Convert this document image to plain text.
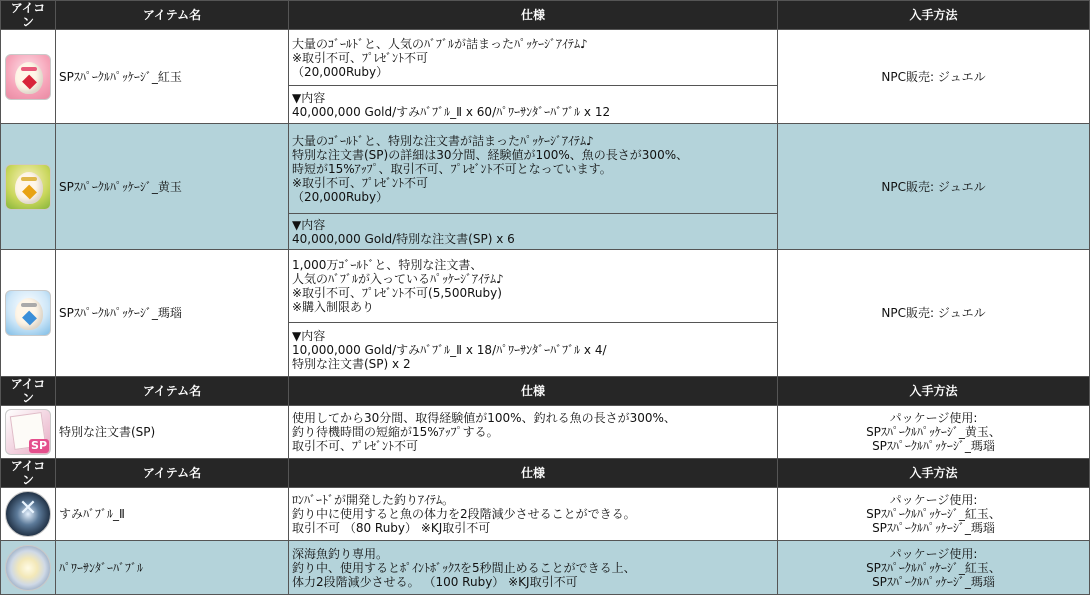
アイコン	アイテム名	仕様	入手方法

	SPｽﾊﾟｰｸﾙﾊﾟｯｹｰｼﾞ_紅玉	大量のｺﾞｰﾙﾄﾞと、人気のﾊﾞﾌﾞﾙが詰まったﾊﾟｯｹｰｼﾞｱｲﾃﾑ♪
※取引不可、ﾌﾟﾚｾﾞﾝﾄ不可
（20,000Ruby）	NPC販売: ジュエル
		▼内容
40,000,000 Gold/すみﾊﾞﾌﾞﾙ_Ⅱ x 60/ﾊﾟﾜｰｻﾝﾀﾞｰﾊﾞﾌﾞﾙ x 12	

	SPｽﾊﾟｰｸﾙﾊﾟｯｹｰｼﾞ_黄玉	大量のｺﾞｰﾙﾄﾞと、特別な注文書が詰まったﾊﾟｯｹｰｼﾞｱｲﾃﾑ♪
特別な注文書(SP)の詳細は30分間、経験値が100%、魚の長さが300%、
時短が15%ｱｯﾌﾟ、取引不可、ﾌﾟﾚｾﾞﾝﾄ不可となっています。
※取引不可、ﾌﾟﾚｾﾞﾝﾄ不可
（20,000Ruby）	NPC販売: ジュエル
		▼内容
40,000,000 Gold/特別な注文書(SP) x 6	

	SPｽﾊﾟｰｸﾙﾊﾟｯｹｰｼﾞ_瑪瑙	1,000万ｺﾞｰﾙﾄﾞと、特別な注文書、
人気のﾊﾞﾌﾞﾙが入っているﾊﾟｯｹｰｼﾞｱｲﾃﾑ♪
※取引不可、ﾌﾟﾚｾﾞﾝﾄ不可(5,500Ruby)
※購入制限あり	NPC販売: ジュエル
		▼内容
10,000,000 Gold/すみﾊﾞﾌﾞﾙ_Ⅱ x 18/ﾊﾟﾜｰｻﾝﾀﾞｰﾊﾞﾌﾞﾙ x 4/
特別な注文書(SP) x 2	
アイコン	アイテム名	仕様	入手方法

SP	特別な注文書(SP)	使用してから30分間、取得経験値が100%、釣れる魚の長さが300%、
釣り待機時間の短縮が15%ｱｯﾌﾟする。
取引不可、ﾌﾟﾚｾﾞﾝﾄ不可	パッケージ使用:
SPｽﾊﾟｰｸﾙﾊﾟｯｹｰｼﾞ_黄玉、
SPｽﾊﾟｰｸﾙﾊﾟｯｹｰｼﾞ_瑪瑙
アイコン	アイテム名	仕様	入手方法

✕	すみﾊﾞﾌﾞﾙ_Ⅱ	ﾛﾝﾊﾞｰﾄﾞが開発した釣りｱｲﾃﾑ。
釣り中に使用すると魚の体力を2段階減少させることができる。
取引不可 （80 Ruby） ※KJ取引不可	パッケージ使用:
SPｽﾊﾟｰｸﾙﾊﾟｯｹｰｼﾞ_紅玉、
SPｽﾊﾟｰｸﾙﾊﾟｯｹｰｼﾞ_瑪瑙

	ﾊﾟﾜｰｻﾝﾀﾞｰﾊﾞﾌﾞﾙ	深海魚釣り専用。
釣り中、使用するとﾎﾟｲﾝﾄﾎﾞｯｸｽを5秒間止めることができる上、
体力2段階減少させる。 （100 Ruby） ※KJ取引不可	パッケージ使用:
SPｽﾊﾟｰｸﾙﾊﾟｯｹｰｼﾞ_紅玉、
SPｽﾊﾟｰｸﾙﾊﾟｯｹｰｼﾞ_瑪瑙
